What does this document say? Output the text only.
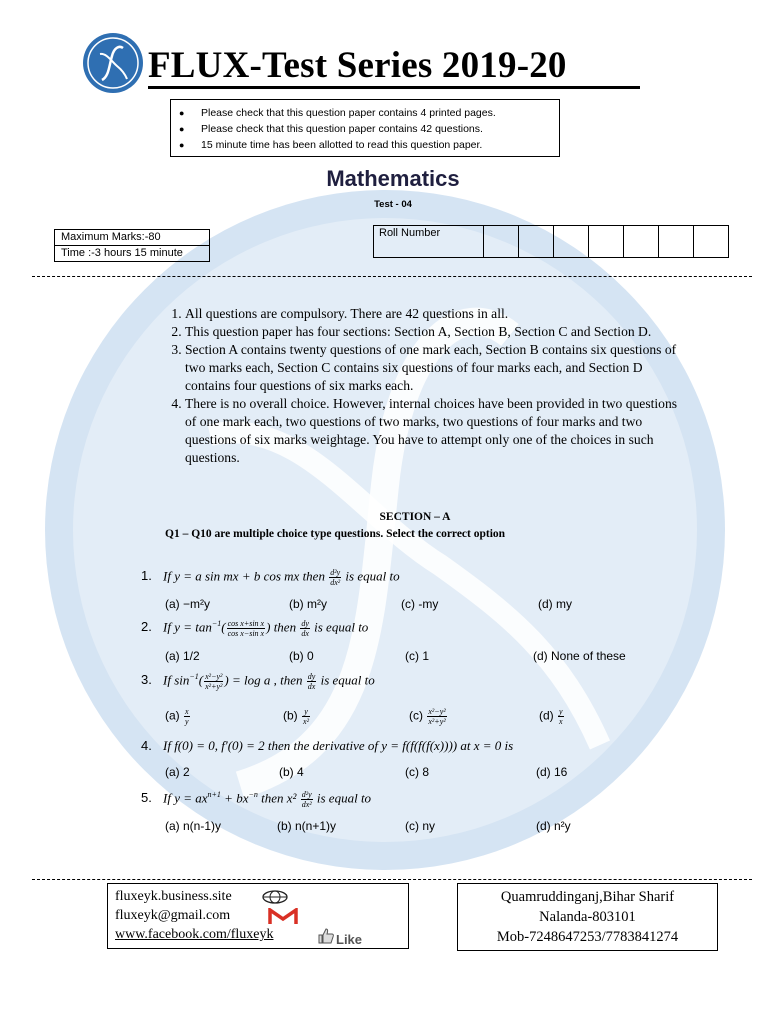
FLUX-Test Series 2019-20
● Please check that this question paper contains 4 printed pages.
● Please check that this question paper contains 42 questions.
● 15 minute time has been allotted to read this question paper.
Mathematics
Test - 04
Maximum Marks:-80
Time :-3 hours 15 minute
Roll Number
1. All questions are compulsory. There are 42 questions in all.
2. This question paper has four sections: Section A, Section B, Section C and Section D.
3. Section A contains twenty questions of one mark each, Section B contains six questions of two marks each, Section C contains six questions of four marks each, and Section D contains four questions of six marks each.
4. There is no overall choice. However, internal choices have been provided in two questions of one mark each, two questions of two marks, two questions of four marks and two questions of six marks weightage. You have to attempt only one of the choices in such questions.
SECTION – A
Q1 – Q10 are multiple choice type questions. Select the correct option
1. If y = a sin mx + b cos mx then $\frac{\text{d²y}}{\text{dx²}}$ is equal to
(a) −m²y	(b) m²y	(c) -my	(d) my
2. If $y = \tan^{-1}( \frac{\text{cos x+sin x}}{\text{cos x−sin x}}$ ) then $\frac{dy}{dx}$ is equal to
(a) 1/2	(b) 0	(c) 1	(d) None of these
3. If $\sin^{-1}( \frac{\text{x²−y²}}{\text{x²+y²}}$ ) = log a , then $\frac{dy}{dx}$ is equal to
$(a) \frac{x}{y}$	$(b) \frac{y}{\text{x²}}$	$(c) \frac{\text{x²−y²}}{\text{x²+y²}}$	$(d) \frac{y}{x}$
4. If f(0) = 0, f′(0) = 2 then the derivative of y = f(f(f(f(x)))) at x = 0 is
(a) 2	(b) 4	(c) 8	(d) 16
5. If $y = ax^{n+1} + bx^{-n}$ then $x^2 \frac{\text{d²y}}{\text{dx²}}$ is equal to
(a) n(n-1)y	(b) n(n+1)y	(c) ny	(d) n²y
fluxeyk.business.site
fluxeyk@gmail.com
www.facebook.com/fluxeyk	Like
Quamruddinganj,Bihar Sharif
Nalanda-803101
Mob-7248647253/7783841274
